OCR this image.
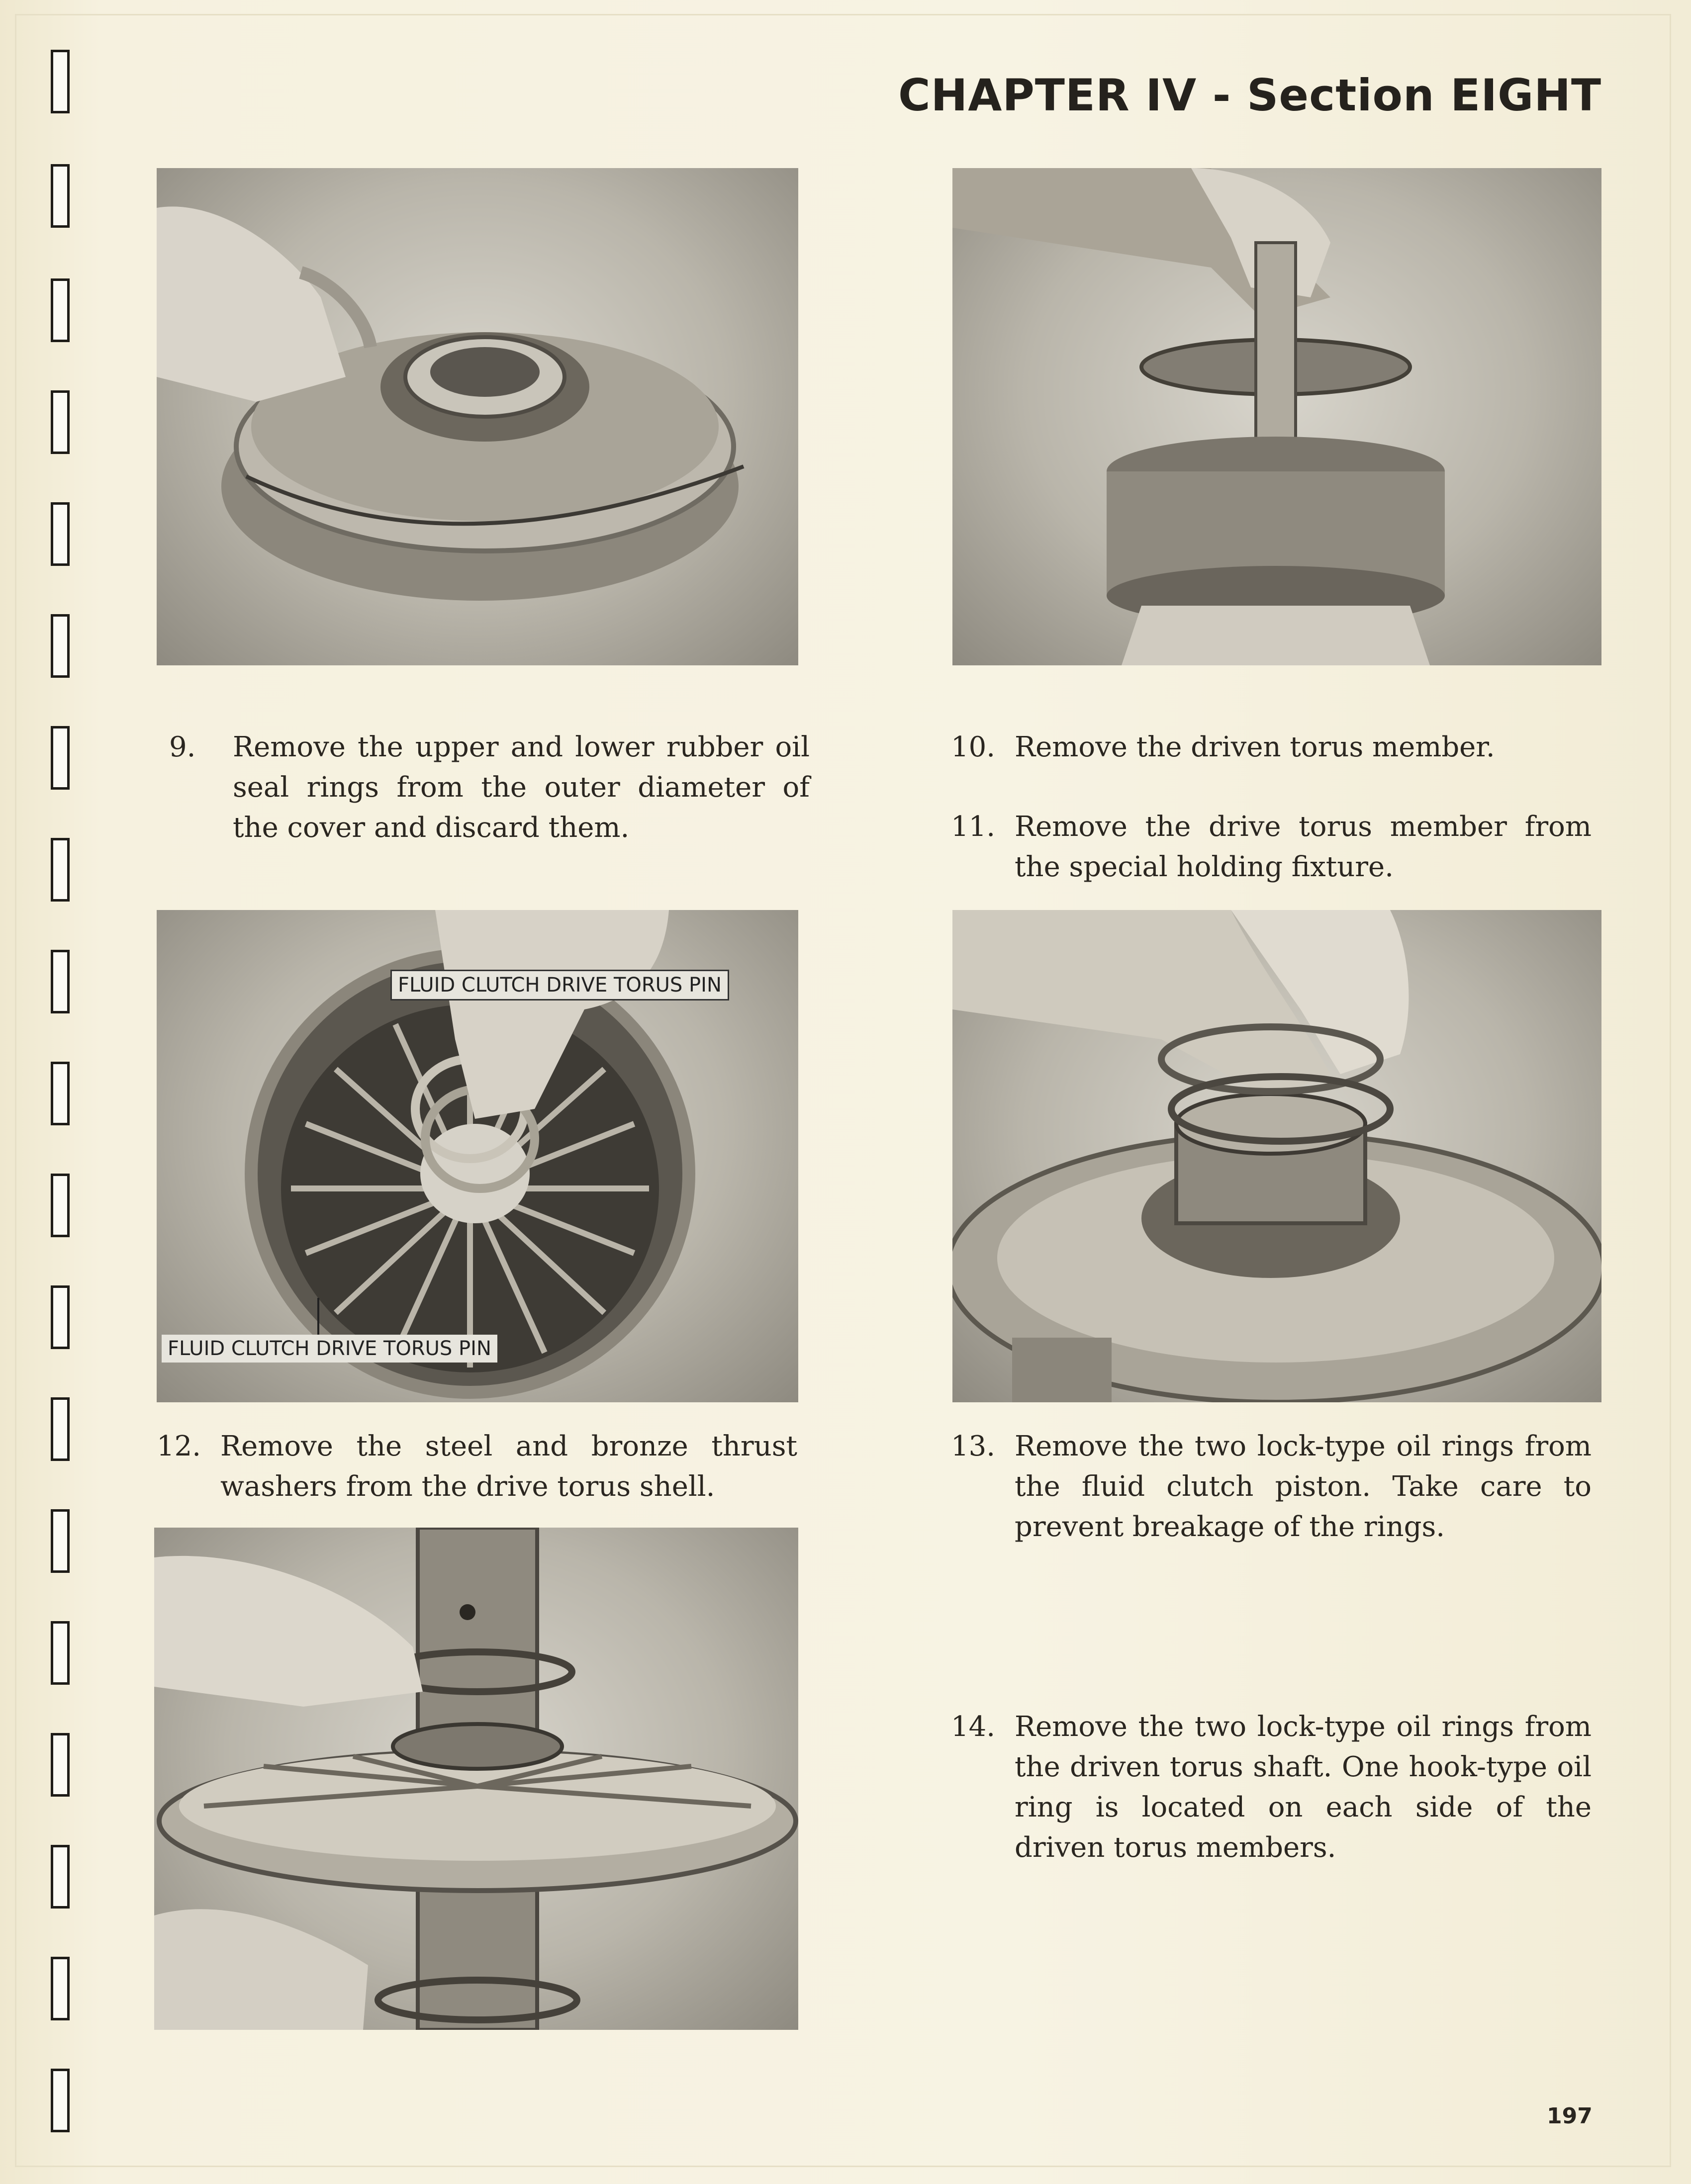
CHAPTER IV - Section EIGHT
9. Remove the upper and lower rubber oil seal rings from the outer diameter of the cover and discard them.
10. Remove the driven torus member.
11. Remove the drive torus member from the special holding fixture.
FLUID CLUTCH DRIVE TORUS PIN
FLUID CLUTCH DRIVE TORUS PIN
12. Remove the steel and bronze thrust washers from the drive torus shell.
13. Remove the two lock-type oil rings from the fluid clutch piston. Take care to prevent breakage of the rings.
14. Remove the two lock-type oil rings from the driven torus shaft. One hook-type oil ring is located on each side of the driven torus members.
197
